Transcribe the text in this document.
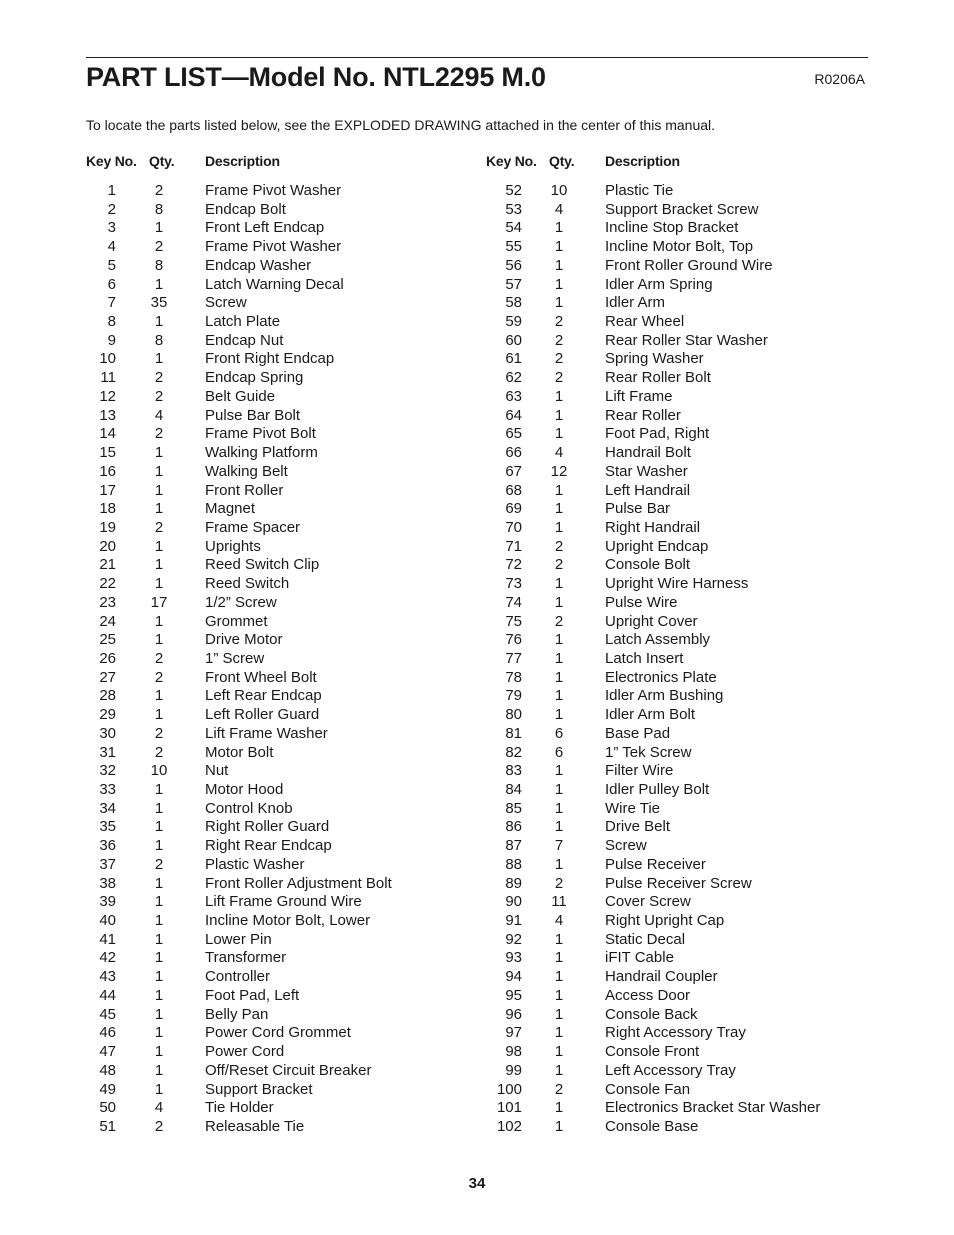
PART LIST—Model No. NTL2295 M.0	R0206A
To locate the parts listed below, see the EXPLODED DRAWING attached in the center of this manual.
Key No. Qty. Description
1	2	Frame Pivot Washer
2	8	Endcap Bolt
3	1	Front Left Endcap
4	2	Frame Pivot Washer
5	8	Endcap Washer
6	1	Latch Warning Decal
7	35	Screw
8	1	Latch Plate
9	8	Endcap Nut
10	1	Front Right Endcap
11	2	Endcap Spring
12	2	Belt Guide
13	4	Pulse Bar Bolt
14	2	Frame Pivot Bolt
15	1	Walking Platform
16	1	Walking Belt
17	1	Front Roller
18	1	Magnet
19	2	Frame Spacer
20	1	Uprights
21	1	Reed Switch Clip
22	1	Reed Switch
23	17	1/2” Screw
24	1	Grommet
25	1	Drive Motor
26	2	1” Screw
27	2	Front Wheel Bolt
28	1	Left Rear Endcap
29	1	Left Roller Guard
30	2	Lift Frame Washer
31	2	Motor Bolt
32	10	Nut
33	1	Motor Hood
34	1	Control Knob
35	1	Right Roller Guard
36	1	Right Rear Endcap
37	2	Plastic Washer
38	1	Front Roller Adjustment Bolt
39	1	Lift Frame Ground Wire
40	1	Incline Motor Bolt, Lower
41	1	Lower Pin
42	1	Transformer
43	1	Controller
44	1	Foot Pad, Left
45	1	Belly Pan
46	1	Power Cord Grommet
47	1	Power Cord
48	1	Off/Reset Circuit Breaker
49	1	Support Bracket
50	4	Tie Holder
51	2	Releasable Tie
Key No. Qty. Description
52	10	Plastic Tie
53	4	Support Bracket Screw
54	1	Incline Stop Bracket
55	1	Incline Motor Bolt, Top
56	1	Front Roller Ground Wire
57	1	Idler Arm Spring
58	1	Idler Arm
59	2	Rear Wheel
60	2	Rear Roller Star Washer
61	2	Spring Washer
62	2	Rear Roller Bolt
63	1	Lift Frame
64	1	Rear Roller
65	1	Foot Pad, Right
66	4	Handrail Bolt
67	12	Star Washer
68	1	Left Handrail
69	1	Pulse Bar
70	1	Right Handrail
71	2	Upright Endcap
72	2	Console Bolt
73	1	Upright Wire Harness
74	1	Pulse Wire
75	2	Upright Cover
76	1	Latch Assembly
77	1	Latch Insert
78	1	Electronics Plate
79	1	Idler Arm Bushing
80	1	Idler Arm Bolt
81	6	Base Pad
82	6	1” Tek Screw
83	1	Filter Wire
84	1	Idler Pulley Bolt
85	1	Wire Tie
86	1	Drive Belt
87	7	Screw
88	1	Pulse Receiver
89	2	Pulse Receiver Screw
90	11	Cover Screw
91	4	Right Upright Cap
92	1	Static Decal
93	1	iFIT Cable
94	1	Handrail Coupler
95	1	Access Door
96	1	Console Back
97	1	Right Accessory Tray
98	1	Console Front
99	1	Left Accessory Tray
100	2	Console Fan
101	1	Electronics Bracket Star Washer
102	1	Console Base
34
